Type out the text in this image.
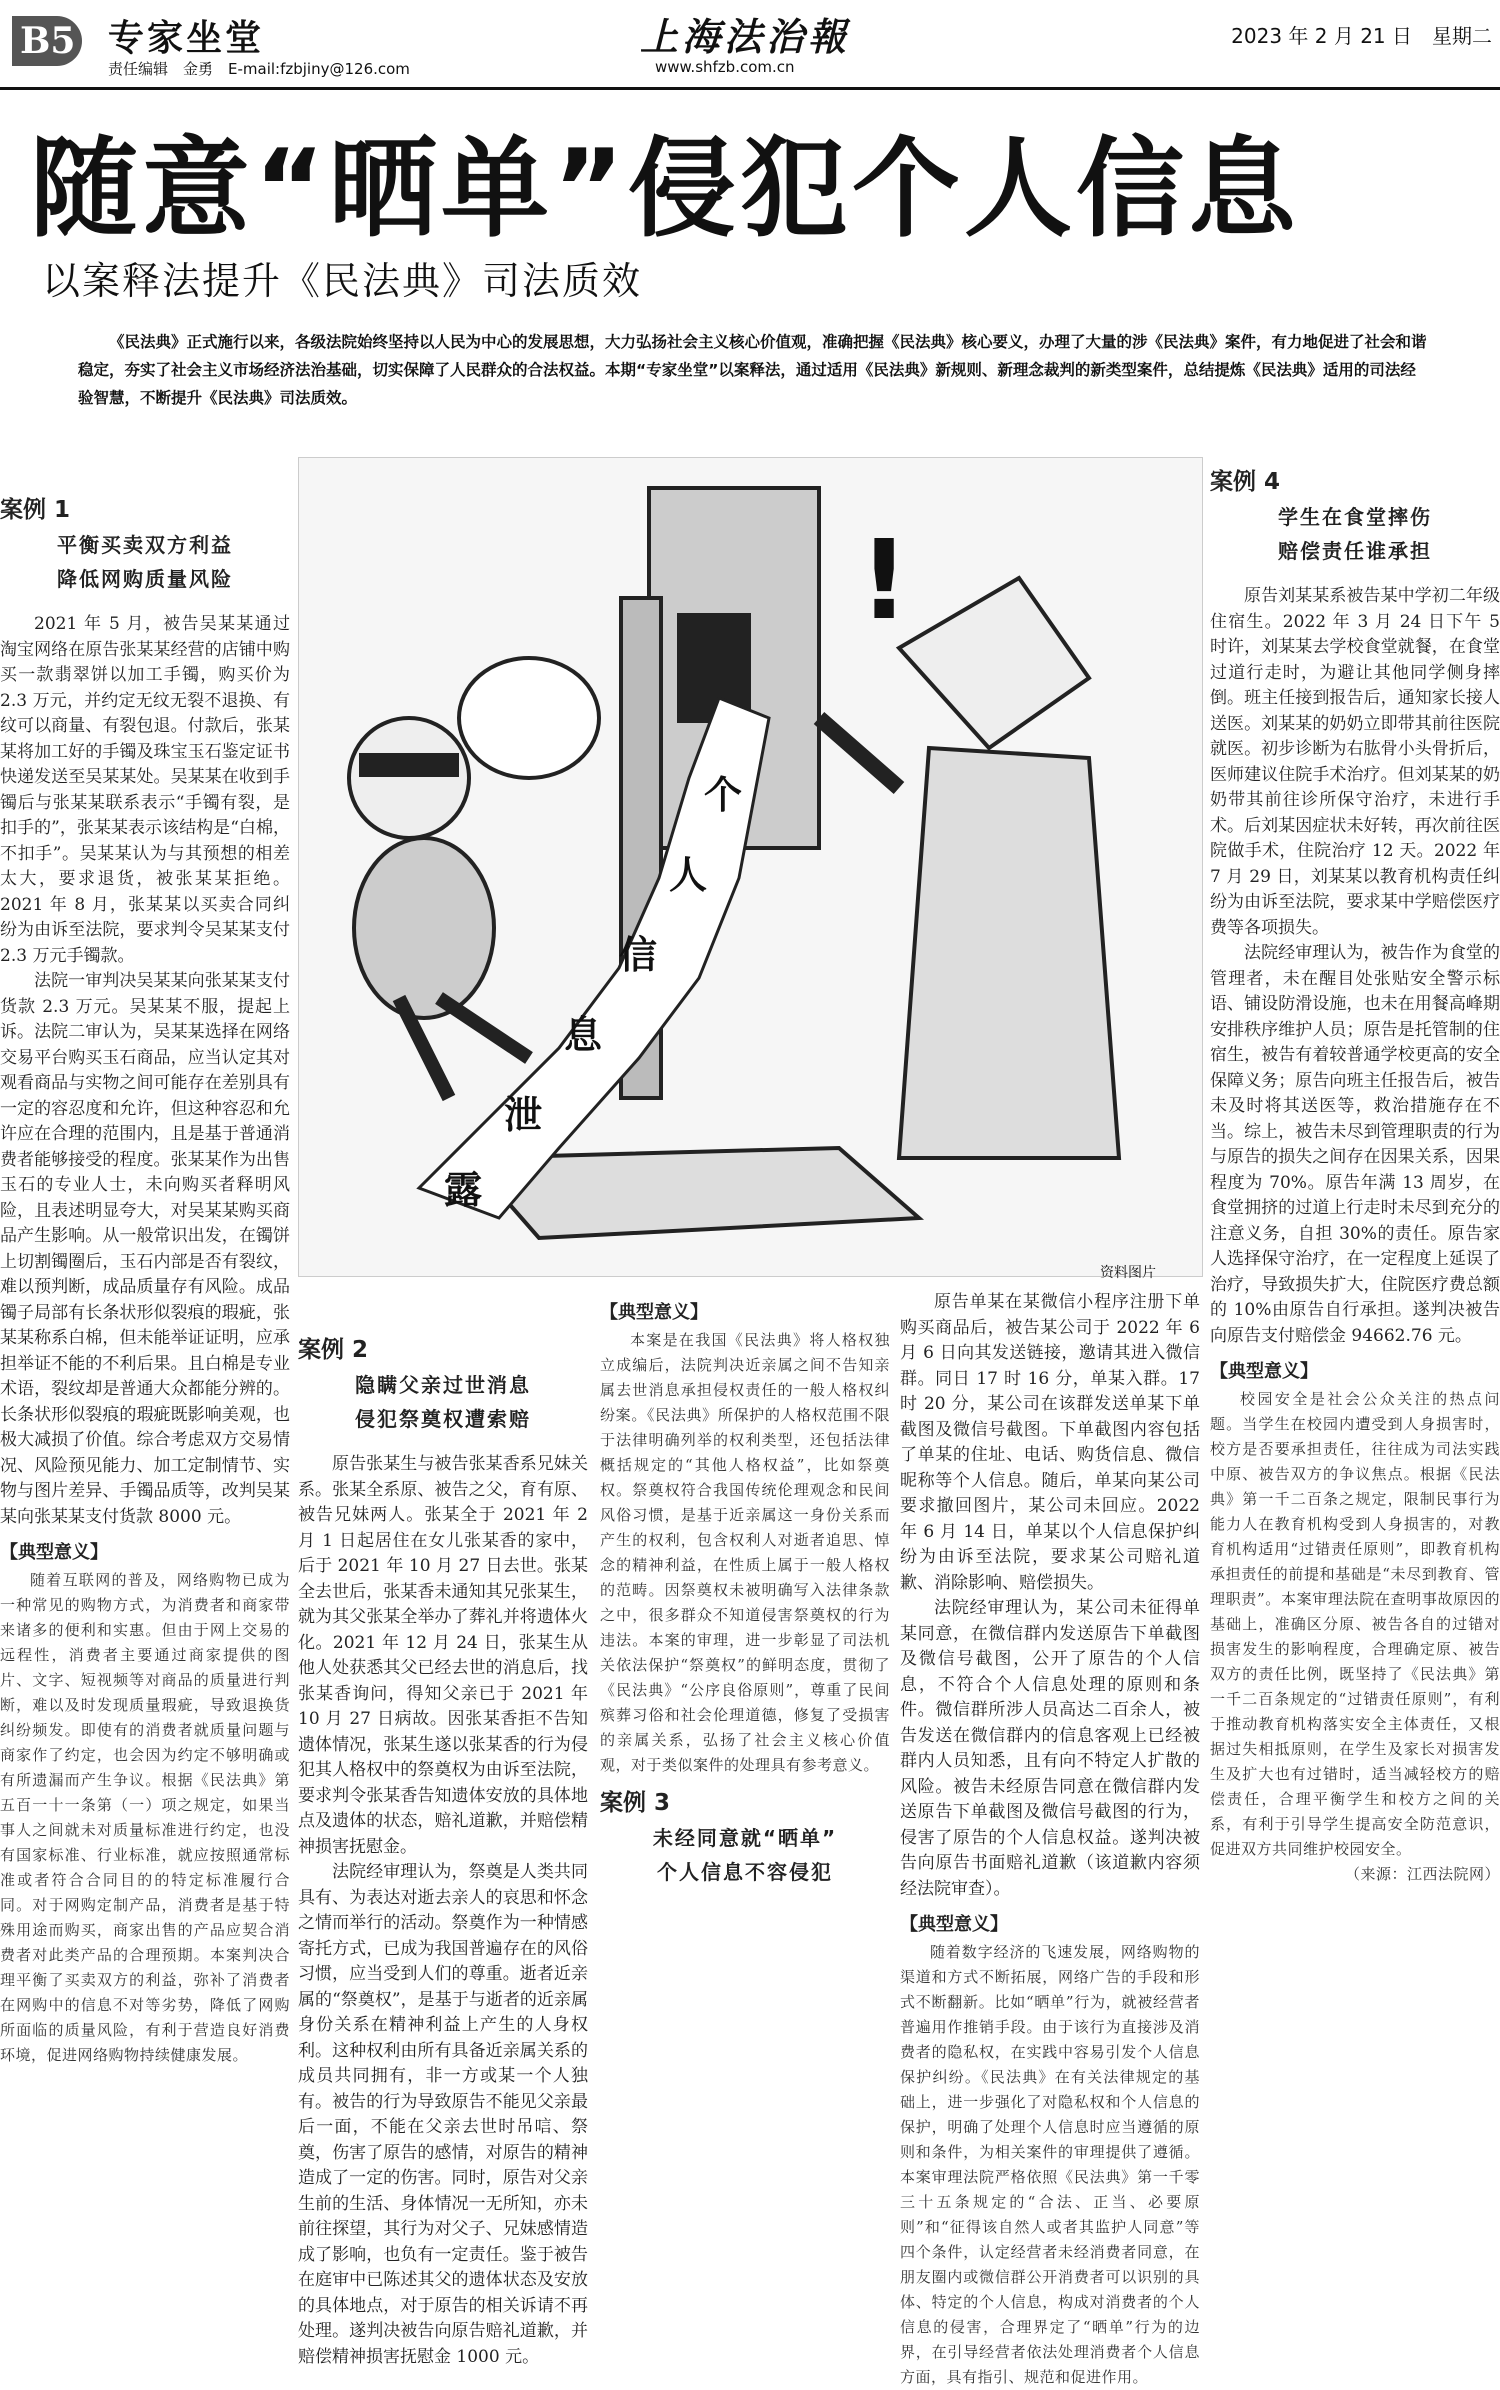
B5 专家坐堂
责任编辑　金勇　E-mail:fzbjiny@126.com
上海法治報
www.shfzb.com.cn
2023 年 2 月 21 日　星期二
随意“晒单”侵犯个人信息
以案释法提升《民法典》司法质效
《民法典》正式施行以来，各级法院始终坚持以人民为中心的发展思想，大力弘扬社会主义核心价值观，准确把握《民法典》核心要义，办理了大量的涉《民法典》案件，有力地促进了社会和谐稳定，夯实了社会主义市场经济法治基础，切实保障了人民群众的合法权益。本期“专家坐堂”以案释法，通过适用《民法典》新规则、新理念裁判的新类型案件，总结提炼《民法典》适用的司法经验智慧，不断提升《民法典》司法质效。
案例 1
平衡买卖双方利益
降低网购质量风险

2021 年 5 月，被告吴某某通过淘宝网络在原告张某某经营的店铺中购买一款翡翠饼以加工手镯，购买价为 2.3 万元，并约定无纹无裂不退换、有纹可以商量、有裂包退。付款后，张某某将加工好的手镯及珠宝玉石鉴定证书快递发送至吴某某处。吴某某在收到手镯后与张某某联系表示“手镯有裂，是扣手的”，张某某表示该结构是“白棉，不扣手”。吴某某认为与其预想的相差太大，要求退货，被张某某拒绝。2021 年 8 月，张某某以买卖合同纠纷为由诉至法院，要求判令吴某某支付 2.3 万元手镯款。

法院一审判决吴某某向张某某支付货款 2.3 万元。吴某某不服，提起上诉。法院二审认为，吴某某选择在网络交易平台购买玉石商品，应当认定其对观看商品与实物之间可能存在差别具有一定的容忍度和允许，但这种容忍和允许应在合理的范围内，且是基于普通消费者能够接受的程度。张某某作为出售玉石的专业人士，未向购买者释明风险，且表述明显夸大，对吴某某购买商品产生影响。从一般常识出发，在镯饼上切割镯圈后，玉石内部是否有裂纹，难以预判断，成品质量存有风险。成品镯子局部有长条状形似裂痕的瑕疵，张某某称系白棉，但未能举证证明，应承担举证不能的不利后果。且白棉是专业术语，裂纹却是普通大众都能分辨的。长条状形似裂痕的瑕疵既影响美观，也极大减损了价值。综合考虑双方交易情况、风险预见能力、加工定制情节、实物与图片差异、手镯品质等，改判吴某某向张某某支付货款 8000 元。

【典型意义】

随着互联网的普及，网络购物已成为一种常见的购物方式，为消费者和商家带来诸多的便利和实惠。但由于网上交易的远程性，消费者主要通过商家提供的图片、文字、短视频等对商品的质量进行判断，难以及时发现质量瑕疵，导致退换货纠纷频发。即使有的消费者就质量问题与商家作了约定，也会因为约定不够明确或有所遗漏而产生争议。根据《民法典》第五百一十一条第（一）项之规定，如果当事人之间就未对质量标准进行约定，也没有国家标准、行业标准，就应按照通常标准或者符合合同目的的特定标准履行合同。对于网购定制产品，消费者是基于特殊用途而购买，商家出售的产品应契合消费者对此类产品的合理预期。本案判决合理平衡了买卖双方的利益，弥补了消费者在网购中的信息不对等劣势，降低了网购所面临的质量风险，有利于营造良好消费环境，促进网络购物持续健康发展。

个
人
信
息
泄
露
!
资料图片
案例 2
隐瞒父亲过世消息
侵犯祭奠权遭索赔

原告张某生与被告张某香系兄妹关系。张某全系原、被告之父，育有原、被告兄妹两人。张某全于 2021 年 2 月 1 日起居住在女儿张某香的家中，后于 2021 年 10 月 27 日去世。张某全去世后，张某香未通知其兄张某生，就为其父张某全举办了葬礼并将遗体火化。2021 年 12 月 24 日，张某生从他人处获悉其父已经去世的消息后，找张某香询问，得知父亲已于 2021 年 10 月 27 日病故。因张某香拒不告知遗体情况，张某生遂以张某香的行为侵犯其人格权中的祭奠权为由诉至法院，要求判令张某香告知遗体安放的具体地点及遗体的状态，赔礼道歉，并赔偿精神损害抚慰金。

法院经审理认为，祭奠是人类共同具有、为表达对逝去亲人的哀思和怀念之情而举行的活动。祭奠作为一种情感寄托方式，已成为我国普遍存在的风俗习惯，应当受到人们的尊重。逝者近亲属的“祭奠权”，是基于与逝者的近亲属身份关系在精神利益上产生的人身权利。这种权利由所有具备近亲属关系的成员共同拥有，非一方或某一个人独有。被告的行为导致原告不能见父亲最后一面，不能在父亲去世时吊唁、祭奠，伤害了原告的感情，对原告的精神造成了一定的伤害。同时，原告对父亲生前的生活、身体情况一无所知，亦未前往探望，其行为对父子、兄妹感情造成了影响，也负有一定责任。鉴于被告在庭审中已陈述其父的遗体状态及安放的具体地点，对于原告的相关诉请不再处理。遂判决被告向原告赔礼道歉，并赔偿精神损害抚慰金 1000 元。

【典型意义】

本案是在我国《民法典》将人格权独立成编后，法院判决近亲属之间不告知亲属去世消息承担侵权责任的一般人格权纠纷案。《民法典》所保护的人格权范围不限于法律明确列举的权利类型，还包括法律概括规定的“其他人格权益”，比如祭奠权。祭奠权符合我国传统伦理观念和民间风俗习惯，是基于近亲属这一身份关系而产生的权利，包含权利人对逝者追思、悼念的精神利益，在性质上属于一般人格权的范畴。因祭奠权未被明确写入法律条款之中，很多群众不知道侵害祭奠权的行为违法。本案的审理，进一步彰显了司法机关依法保护“祭奠权”的鲜明态度，贯彻了《民法典》“公序良俗原则”，尊重了民间殡葬习俗和社会伦理道德，修复了受损害的亲属关系，弘扬了社会主义核心价值观，对于类似案件的处理具有参考意义。

案例 3
未经同意就“晒单”
个人信息不容侵犯

原告单某在某微信小程序注册下单购买商品后，被告某公司于 2022 年 6 月 6 日向其发送链接，邀请其进入微信群。同日 17 时 16 分，单某入群。17 时 20 分，某公司在该群发送单某下单截图及微信号截图。下单截图内容包括了单某的住址、电话、购货信息、微信昵称等个人信息。随后，单某向某公司要求撤回图片，某公司未回应。2022 年 6 月 14 日，单某以个人信息保护纠纷为由诉至法院，要求某公司赔礼道歉、消除影响、赔偿损失。

法院经审理认为，某公司未征得单某同意，在微信群内发送原告下单截图及微信号截图，公开了原告的个人信息，不符合个人信息处理的原则和条件。微信群所涉人员高达二百余人，被告发送在微信群内的信息客观上已经被群内人员知悉，且有向不特定人扩散的风险。被告未经原告同意在微信群内发送原告下单截图及微信号截图的行为，侵害了原告的个人信息权益。遂判决被告向原告书面赔礼道歉（该道歉内容须经法院审查）。

【典型意义】

随着数字经济的飞速发展，网络购物的渠道和方式不断拓展，网络广告的手段和形式不断翻新。比如“晒单”行为，就被经营者普遍用作推销手段。由于该行为直接涉及消费者的隐私权，在实践中容易引发个人信息保护纠纷。《民法典》在有关法律规定的基础上，进一步强化了对隐私权和个人信息的保护，明确了处理个人信息时应当遵循的原则和条件，为相关案件的审理提供了遵循。本案审理法院严格依照《民法典》第一千零三十五条规定的“合法、正当、必要原则”和“征得该自然人或者其监护人同意”等四个条件，认定经营者未经消费者同意，在朋友圈内或微信群公开消费者可以识别的具体、特定的个人信息，构成对消费者的个人信息的侵害，合理界定了“晒单”行为的边界，在引导经营者依法处理消费者个人信息方面，具有指引、规范和促进作用。

案例 4
学生在食堂摔伤
赔偿责任谁承担

原告刘某某系被告某中学初二年级住宿生。2022 年 3 月 24 日下午 5 时许，刘某某去学校食堂就餐，在食堂过道行走时，为避让其他同学侧身摔倒。班主任接到报告后，通知家长接人送医。刘某某的奶奶立即带其前往医院就医。初步诊断为右肱骨小头骨折后，医师建议住院手术治疗。但刘某某的奶奶带其前往诊所保守治疗，未进行手术。后刘某因症状未好转，再次前往医院做手术，住院治疗 12 天。2022 年 7 月 29 日，刘某某以教育机构责任纠纷为由诉至法院，要求某中学赔偿医疗费等各项损失。

法院经审理认为，被告作为食堂的管理者，未在醒目处张贴安全警示标语、铺设防滑设施，也未在用餐高峰期安排秩序维护人员；原告是托管制的住宿生，被告有着较普通学校更高的安全保障义务；原告向班主任报告后，被告未及时将其送医等，救治措施存在不当。综上，被告未尽到管理职责的行为与原告的损失之间存在因果关系，因果程度为 70%。原告年满 13 周岁，在食堂拥挤的过道上行走时未尽到充分的注意义务，自担 30%的责任。原告家人选择保守治疗，在一定程度上延误了治疗，导致损失扩大，住院医疗费总额的 10%由原告自行承担。遂判决被告向原告支付赔偿金 94662.76 元。

【典型意义】

校园安全是社会公众关注的热点问题。当学生在校园内遭受到人身损害时，校方是否要承担责任，往往成为司法实践中原、被告双方的争议焦点。根据《民法典》第一千二百条之规定，限制民事行为能力人在教育机构受到人身损害的，对教育机构适用“过错责任原则”，即教育机构承担责任的前提和基础是“未尽到教育、管理职责”。本案审理法院在查明事故原因的基础上，准确区分原、被告各自的过错对损害发生的影响程度，合理确定原、被告双方的责任比例，既坚持了《民法典》第一千二百条规定的“过错责任原则”，有利于推动教育机构落实安全主体责任，又根据过失相抵原则，在学生及家长对损害发生及扩大也有过错时，适当减轻校方的赔偿责任，合理平衡学生和校方之间的关系，有利于引导学生提高安全防范意识，促进双方共同维护校园安全。

（来源：江西法院网）
